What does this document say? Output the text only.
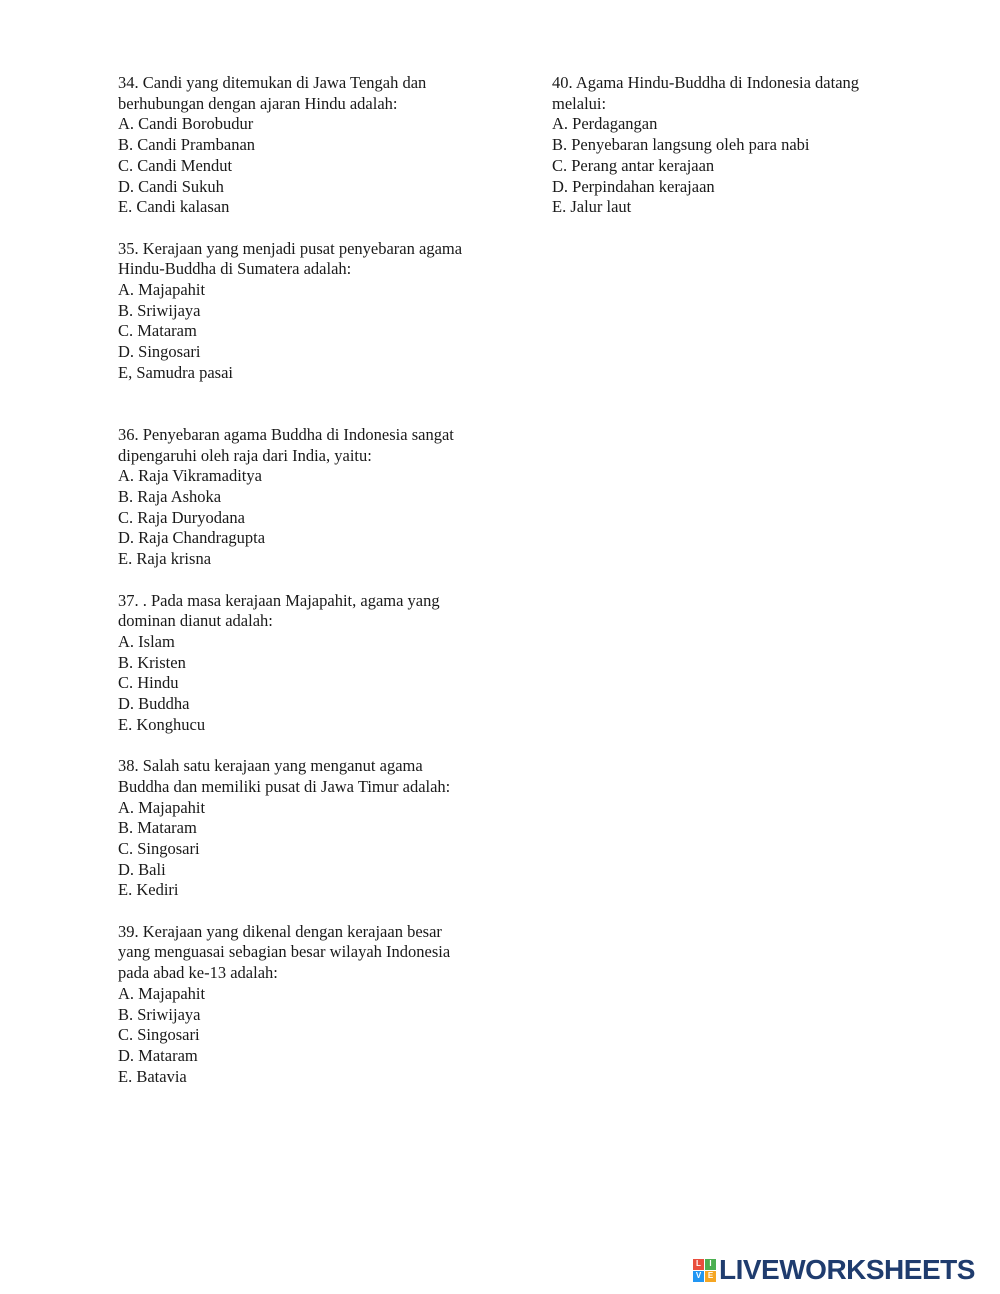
34. Candi yang ditemukan di Jawa Tengah dan
berhubungan dengan ajaran Hindu adalah:
A. Candi Borobudur
B. Candi Prambanan
C. Candi Mendut
D. Candi Sukuh
E. Candi kalasan
35. Kerajaan yang menjadi pusat penyebaran agama
Hindu-Buddha di Sumatera adalah:
A. Majapahit
B. Sriwijaya
C. Mataram
D. Singosari
E, Samudra pasai
36. Penyebaran agama Buddha di Indonesia sangat
dipengaruhi oleh raja dari India, yaitu:
A. Raja Vikramaditya
B. Raja Ashoka
C. Raja Duryodana
D. Raja Chandragupta
E. Raja krisna
37. . Pada masa kerajaan Majapahit, agama yang
dominan dianut adalah:
A. Islam
B. Kristen
C. Hindu
D. Buddha
E. Konghucu
38. Salah satu kerajaan yang menganut agama
Buddha dan memiliki pusat di Jawa Timur adalah:
A. Majapahit
B. Mataram
C. Singosari
D. Bali
E. Kediri
39. Kerajaan yang dikenal dengan kerajaan besar
yang menguasai sebagian besar wilayah Indonesia
pada abad ke-13 adalah:
A. Majapahit
B. Sriwijaya
C. Singosari
D. Mataram
E. Batavia
40. Agama Hindu-Buddha di Indonesia datang
melalui:
A. Perdagangan
B. Penyebaran langsung oleh para nabi
C. Perang antar kerajaan
D. Perpindahan kerajaan
E. Jalur laut
L	I
V E LIVEWORKSHEETS
